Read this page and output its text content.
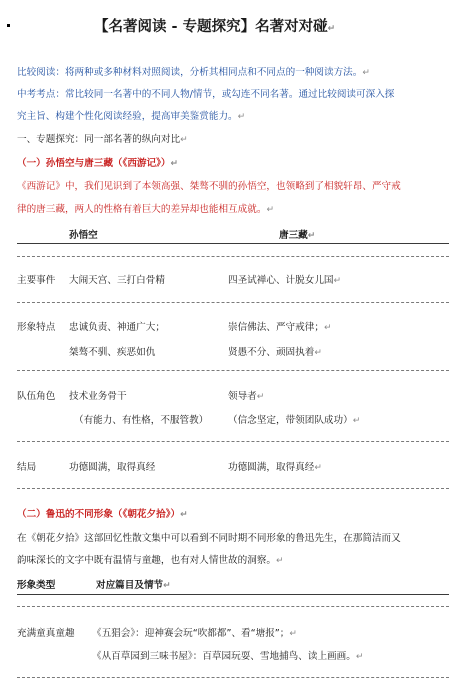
【名著阅读 - 专题探究】名著对对碰↵
比较阅读：将两种或多种材料对照阅读，分析其相同点和不同点的一种阅读方法。↵
中考考点：常比较同一名著中的不同人物/情节，或勾连不同名著。通过比较阅读可深入探
究主旨、构建个性化阅读经验，提高审美鉴赏能力。↵
一、专题探究：同一部名著的纵向对比↵
（一）孙悟空与唐三藏（《西游记》）↵
《西游记》中，我们见识到了本领高强、桀骜不驯的孙悟空，也领略到了相貌轩昂、严守戒
律的唐三藏，两人的性格有着巨大的差异却也能相互成就。↵
孙悟空	唐三藏↵
主要事件 大闹天宫、三打白骨精	四圣试禅心、计脱女儿国↵
形象特点 忠诚负责、神通广大；	崇信佛法、严守戒律；↵
桀骜不驯、疾恶如仇	贤愚不分、顽固执着↵
队伍角色 技术业务骨干	领导者↵
（有能力、有性格，不服管教） （信念坚定，带领团队成功）↵
结局	功德圆满，取得真经	功德圆满，取得真经↵
（二）鲁迅的不同形象（《朝花夕拾》）↵
在《朝花夕拾》这部回忆性散文集中可以看到不同时期不同形象的鲁迅先生，在那简洁而又
韵味深长的文字中既有温情与童趣，也有对人情世故的洞察。↵
形象类型	对应篇目及情节↵
充满童真童趣 《五猖会》：迎神赛会玩“吹都都”、看“塘报”；↵
《从百草园到三味书屋》：百草园玩耍、雪地捕鸟、读上画画。↵
